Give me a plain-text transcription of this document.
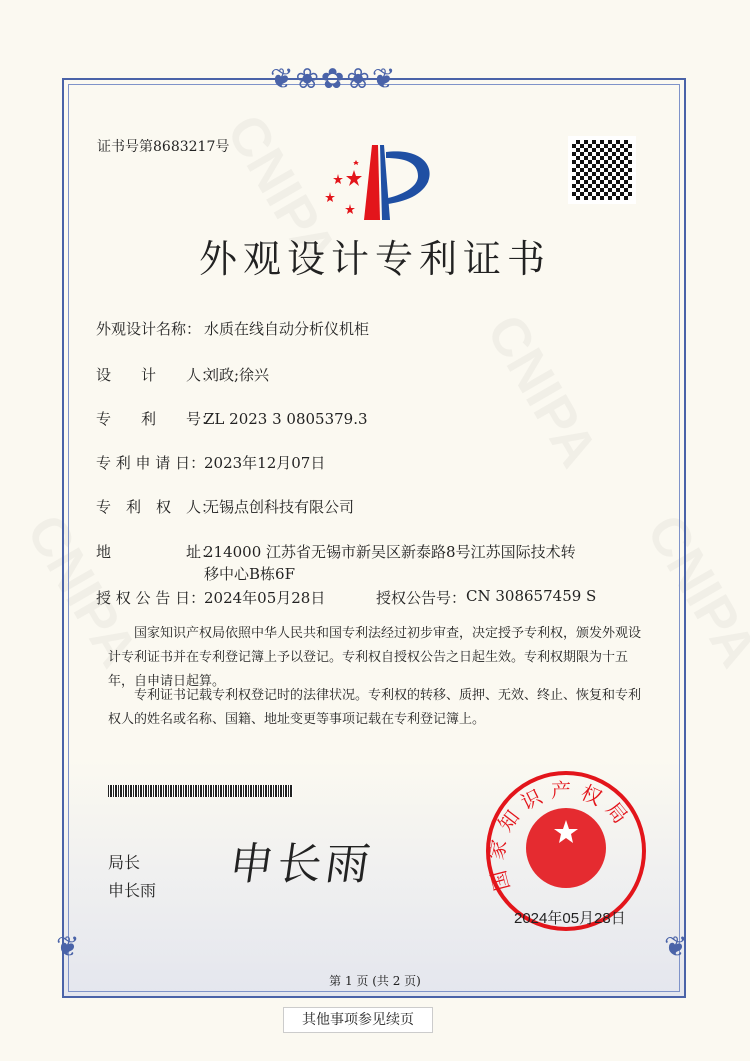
❦❀✿❀❦
❦	❦
证书号第8683217号
外观设计专利证书
外观设计名称： 水质在线自动分析仪机柜
设　　计　　人：
刘政;徐兴
专　　利　　号：
ZL 2023 3 0805379.3
专 利 申 请 日：
2023年12月07日
专　利　权　人：
无锡点创科技有限公司
地　　　　　址：
214000 江苏省无锡市新吴区新泰路8号江苏国际技术转移中心B栋6F
授 权 公 告 日：
2024年05月28日	授权公告号： CN 308657459 S
国家知识产权局依照中华人民共和国专利法经过初步审查，决定授予专利权，颁发外观设计专利证书并在专利登记簿上予以登记。专利权自授权公告之日起生效。专利权期限为十五年，自申请日起算。
专利证书记载专利权登记时的法律状况。专利权的转移、质押、无效、终止、恢复和专利权人的姓名或名称、国籍、地址变更等事项记载在专利登记簿上。
局长
申长雨
申长雨	国家知识产权局
2024年05月28日
第 1 页 (共 2 页)
其他事项参见续页
